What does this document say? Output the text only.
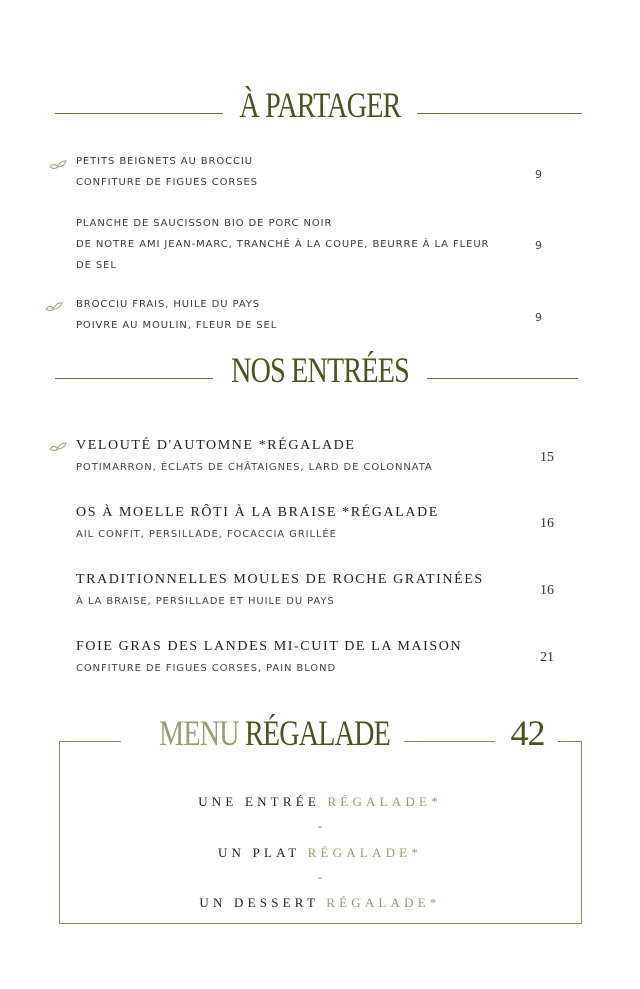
À PARTAGER
PETITS BEIGNETS AU BROCCIU
CONFITURE DE FIGUES CORSES
9
PLANCHE DE SAUCISSON BIO DE PORC NOIR
DE NOTRE AMI JEAN-MARC, TRANCHÉ À LA COUPE, BEURRE À LA FLEUR
DE SEL
9
BROCCIU FRAIS, HUILE DU PAYS
POIVRE AU MOULIN, FLEUR DE SEL
9
NOS ENTRÉES
VELOUTÉ D'AUTOMNE *RÉGALADE
POTIMARRON, ÉCLATS DE CHÂTAIGNES, LARD DE COLONNATA
15
OS À MOELLE RÔTI À LA BRAISE *RÉGALADE
AIL CONFIT, PERSILLADE, FOCACCIA GRILLÉE
16
TRADITIONNELLES MOULES DE ROCHE GRATINÉES
À LA BRAISE, PERSILLADE ET HUILE DU PAYS
16
FOIE GRAS DES LANDES MI-CUIT DE LA MAISON
CONFITURE DE FIGUES CORSES, PAIN BLOND
21
MENU RÉGALADE	42
UNE ENTRÉE RÉGALADE*
-
UN PLAT RÉGALADE*
-
UN DESSERT RÉGALADE*
